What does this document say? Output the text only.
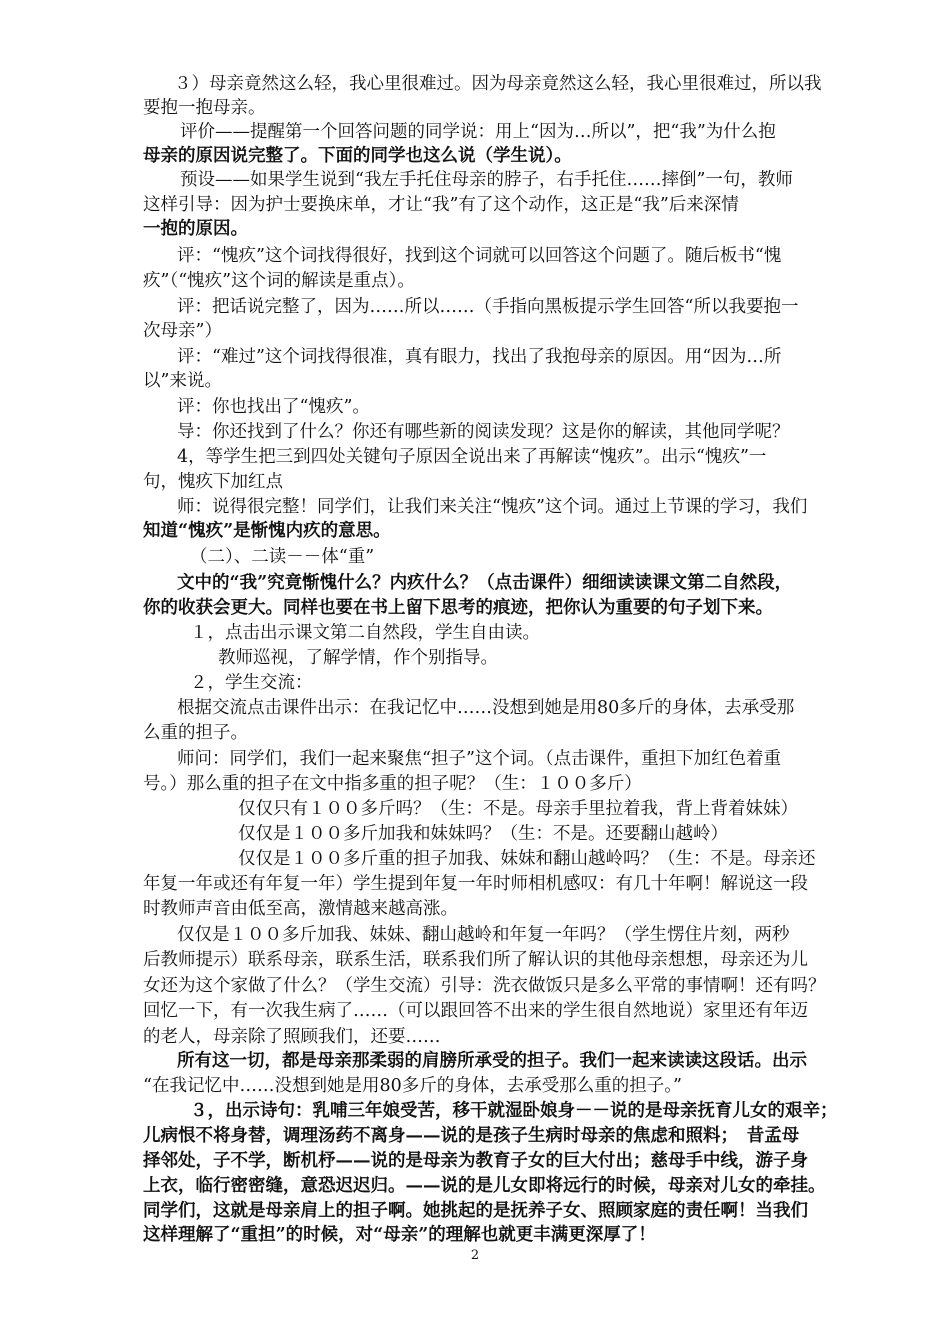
３）母亲竟然这么轻，我心里很难过。因为母亲竟然这么轻，我心里很难过，所以我
要抱一抱母亲。
评价——提醒第一个回答问题的同学说：用上“因为…所以”，把“我”为什么抱
母亲的原因说完整了。下面的同学也这么说（学生说）。
预设——如果学生说到“我左手托住母亲的脖子，右手托住……摔倒”一句，教师
这样引导：因为护士要换床单，才让“我”有了这个动作，这正是“我”后来深情
一抱的原因。
评：“愧疚”这个词找得很好，找到这个词就可以回答这个问题了。随后板书“愧
疚”（“愧疚”这个词的解读是重点）。
评：把话说完整了，因为……所以……（手指向黑板提示学生回答“所以我要抱一
次母亲”）
评：“难过”这个词找得很准，真有眼力，找出了我抱母亲的原因。用“因为…所
以”来说。
评：你也找出了“愧疚”。
导：你还找到了什么？你还有哪些新的阅读发现？这是你的解读，其他同学呢？
4，等学生把三到四处关键句子原因全说出来了再解读“愧疚”。出示“愧疚”一
句，愧疚下加红点
师：说得很完整！同学们，让我们来关注“愧疚”这个词。通过上节课的学习，我们
知道“愧疚”是惭愧内疚的意思。
（二）、二读－－体“重”
文中的“我”究竟惭愧什么？内疚什么？（点击课件）细细读读课文第二自然段，
你的收获会更大。同样也要在书上留下思考的痕迹，把你认为重要的句子划下来。
１，点击出示课文第二自然段，学生自由读。
教师巡视，了解学情，作个别指导。
２，学生交流：
根据交流点击课件出示：在我记忆中……没想到她是用80多斤的身体，去承受那
么重的担子。
师问：同学们，我们一起来聚焦“担子”这个词。（点击课件，重担下加红色着重
号。）那么重的担子在文中指多重的担子呢？（生：１００多斤）
仅仅只有１００多斤吗？（生：不是。母亲手里拉着我，背上背着妹妹）
仅仅是１００多斤加我和妹妹吗？（生：不是。还要翻山越岭）
仅仅是１００多斤重的担子加我、妹妹和翻山越岭吗？（生：不是。母亲还
年复一年或还有年复一年）学生提到年复一年时师相机感叹：有几十年啊！解说这一段
时教师声音由低至高，激情越来越高涨。
仅仅是１００多斤加我、妹妹、翻山越岭和年复一年吗？（学生愣住片刻，两秒
后教师提示）联系母亲，联系生活，联系我们所了解认识的其他母亲想想，母亲还为儿
女还为这个家做了什么？（学生交流）引导：洗衣做饭只是多么平常的事情啊！还有吗？
回忆一下，有一次我生病了……（可以跟回答不出来的学生很自然地说）家里还有年迈
的老人，母亲除了照顾我们，还要……
所有这一切，都是母亲那柔弱的肩膀所承受的担子。我们一起来读读这段话。出示
“在我记忆中……没想到她是用80多斤的身体，去承受那么重的担子。”
３，出示诗句：乳哺三年娘受苦，移干就湿卧娘身－－说的是母亲抚育儿女的艰辛；
儿病恨不将身替，调理汤药不离身——说的是孩子生病时母亲的焦虑和照料；　昔孟母
择邻处，子不学，断机杼——说的是母亲为教育子女的巨大付出；慈母手中线，游子身
上衣，临行密密缝，意恐迟迟归。——说的是儿女即将远行的时候，母亲对儿女的牵挂。
同学们，这就是母亲肩上的担子啊。她挑起的是抚养子女、照顾家庭的责任啊！当我们
这样理解了“重担”的时候，对“母亲”的理解也就更丰满更深厚了！
2
